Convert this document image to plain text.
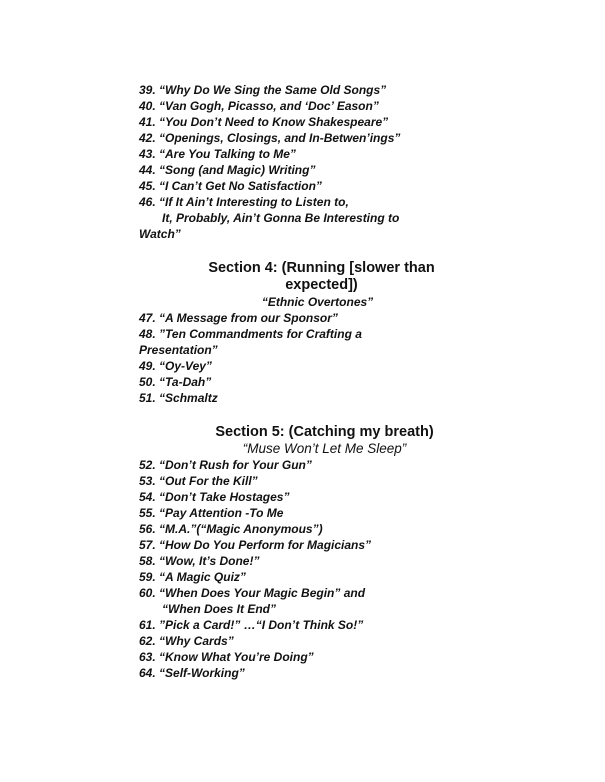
39. “Why Do We Sing the Same Old Songs”

40. “Van Gogh, Picasso, and ‘Doc’ Eason”

41. “You Don’t Need to Know Shakespeare”

42. “Openings, Closings, and In-Betwen’ings”

43. “Are You Talking to Me”

44. “Song (and Magic) Writing”

45. “I Can’t Get No Satisfaction”

46. “If It Ain’t Interesting to Listen to,

It, Probably, Ain’t Gonna Be Interesting to

Watch”

Section 4: (Running [slower than

expected])

“Ethnic Overtones”

47. “A Message from our Sponsor”

48. ”Ten Commandments for Crafting a

Presentation”

49. “Oy-Vey”

50. “Ta-Dah”

51. “Schmaltz

Section 5: (Catching my breath)

“Muse Won’t Let Me Sleep”

52. “Don’t Rush for Your Gun”

53. “Out For the Kill”

54. “Don’t Take Hostages”

55. “Pay Attention -To Me

56. “M.A.”(“Magic Anonymous”)

57. “How Do You Perform for Magicians”

58. “Wow, It’s Done!”

59. “A Magic Quiz”

60. “When Does Your Magic Begin” and

“When Does It End”

61. ”Pick a Card!” …“I Don’t Think So!”

62. “Why Cards”

63. “Know What You’re Doing”

64. “Self-Working”
